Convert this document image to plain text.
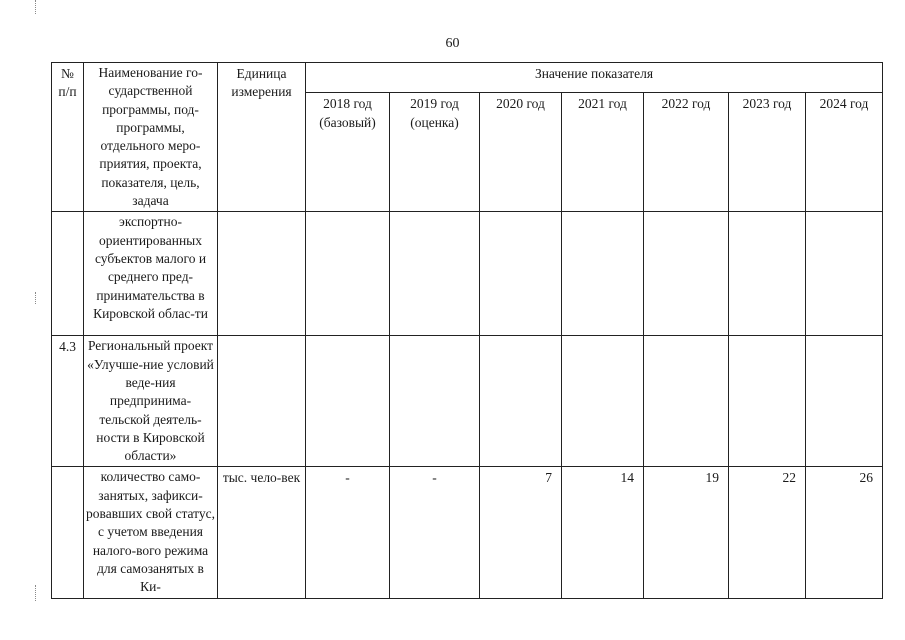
60
№ п/п	Наименование го-сударственной программы, под-программы, отдельного меро-приятия, проекта, показателя, цель, задача	Единица измерения	Значение показателя						
			2018 год (базовый)	2019 год (оценка)	2020 год	2021 год	2022 год	2023 год	2024 год
	экспортно-ориентированных субъектов малого и среднего пред-принимательства в Кировской облас-ти								
4.3	Региональный проект «Улучше-ние условий веде-ния предпринима-тельской деятель-ности в Кировской области»								
	количество само-занятых, зафикси-ровавших свой статус, с учетом введения налого-вого режима для самозанятых в Ки-	тыс. чело-век	-	-	7	14	19	22	26
